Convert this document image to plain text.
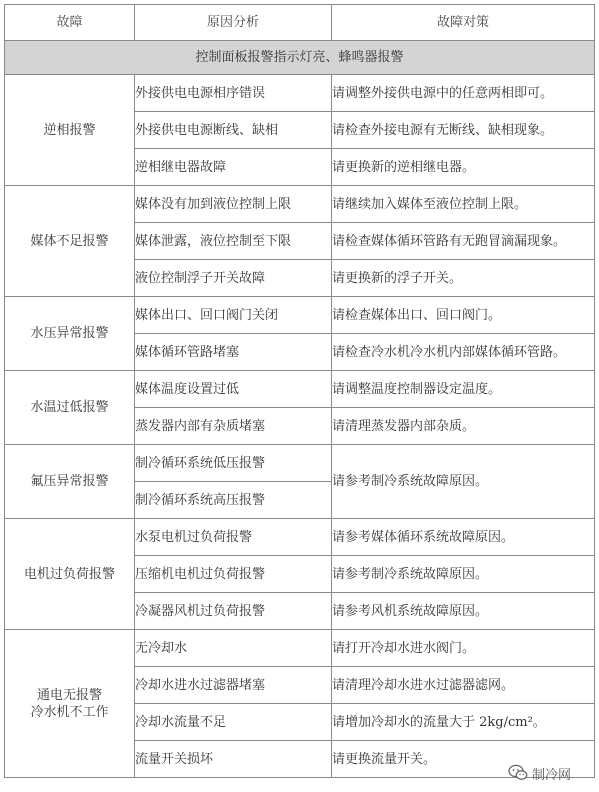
故障	原因分析	故障对策
控制面板报警指示灯亮、蜂鸣器报警		
逆相报警	外接供电电源相序错误	请调整外接供电源中的任意两相即可。
	外接供电电源断线、缺相	请检查外接电源有无断线、缺相现象。
	逆相继电器故障	请更换新的逆相继电器。
媒体不足报警	媒体没有加到液位控制上限	请继续加入媒体至液位控制上限。
	媒体泄露，液位控制至下限	请检查媒体循环管路有无跑冒滴漏现象。
	液位控制浮子开关故障	请更换新的浮子开关。
水压异常报警	媒体出口、回口阀门关闭	请检查媒体出口、回口阀门。
	媒体循环管路堵塞	请检查冷水机冷水机内部媒体循环管路。
水温过低报警	媒体温度设置过低	请调整温度控制器设定温度。
	蒸发器内部有杂质堵塞	请清理蒸发器内部杂质。
氟压异常报警	制冷循环系统低压报警	请参考制冷系统故障原因。
	制冷循环系统高压报警	
电机过负荷报警	水泵电机过负荷报警	请参考媒体循环系统故障原因。
	压缩机电机过负荷报警	请参考制冷系统故障原因。
	冷凝器风机过负荷报警	请参考风机系统故障原因。
通电无报警
冷水机不工作	无冷却水	请打开冷却水进水阀门。
	冷却水进水过滤器堵塞	请清理冷却水进水过滤器滤网。
	冷却水流量不足	请增加冷却水的流量大于 2kg/cm²。
	流量开关损坏	请更换流量开关。
制冷网
